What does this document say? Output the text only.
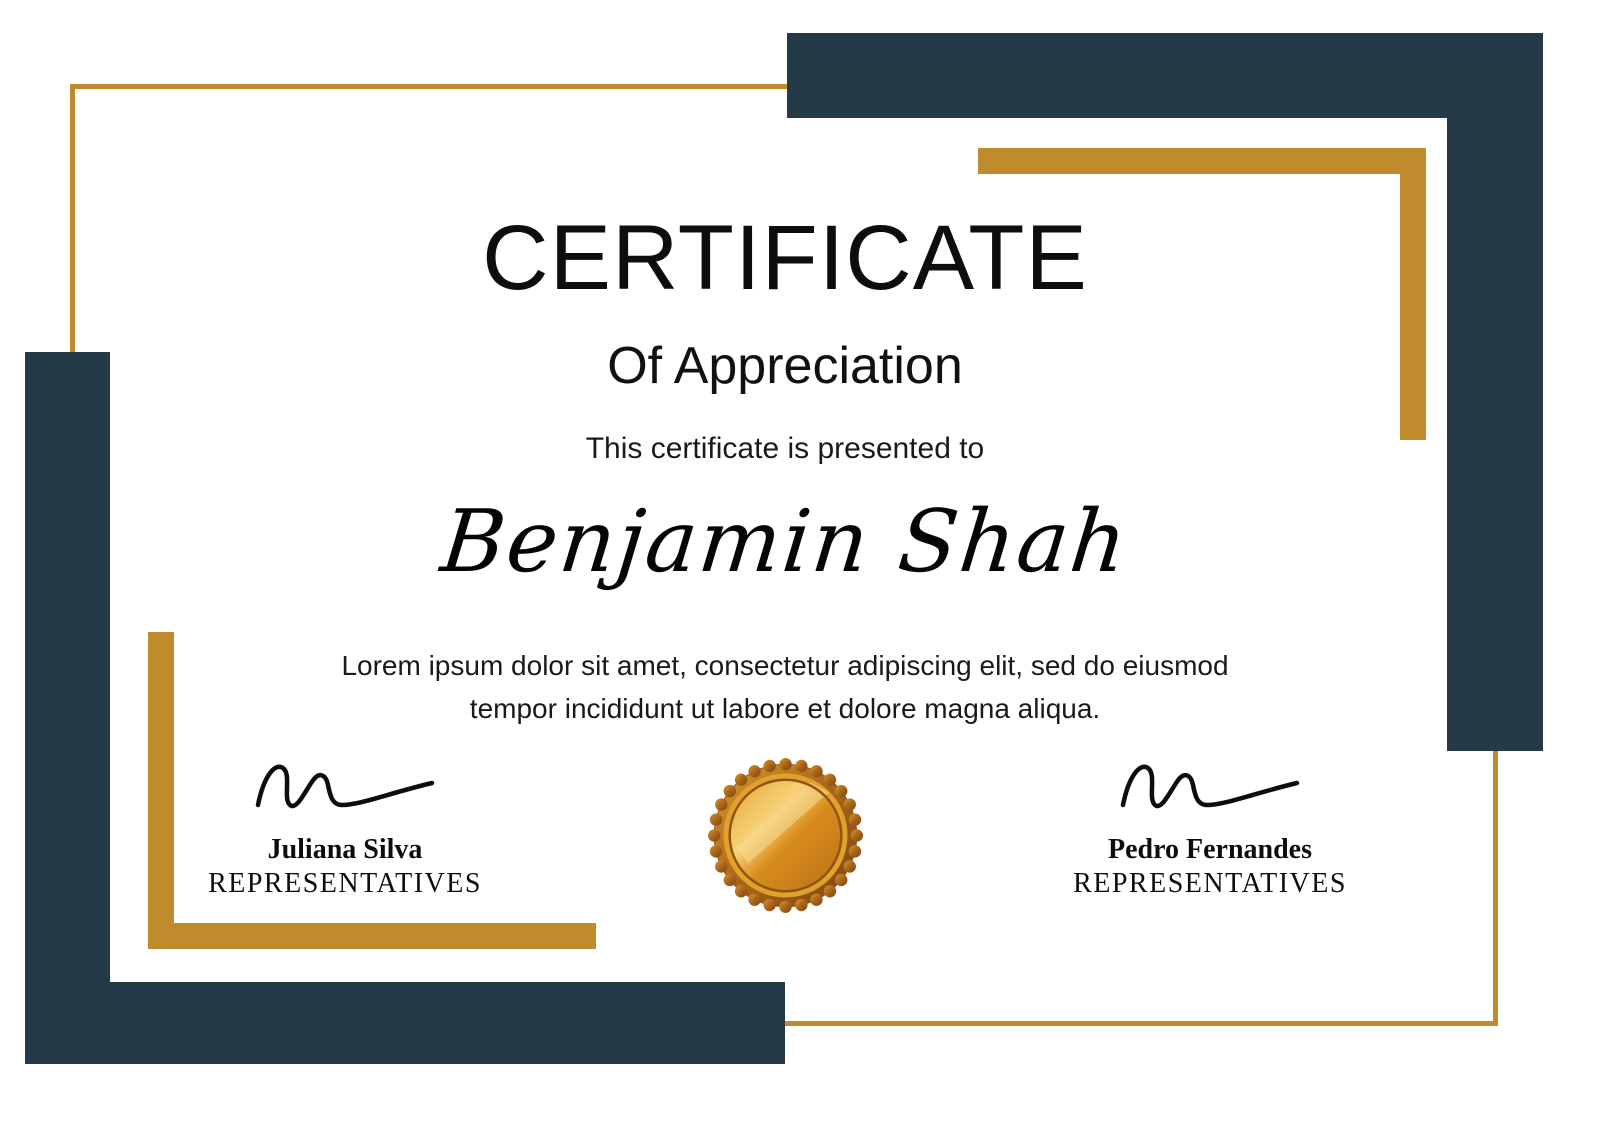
CERTIFICATE
Of Appreciation
This certificate is presented to
Benjamin Shah
Lorem ipsum dolor sit amet, consectetur adipiscing elit, sed do eiusmod tempor incididunt ut labore et dolore magna aliqua.
Juliana Silva
REPRESENTATIVES
Pedro Fernandes
REPRESENTATIVES
